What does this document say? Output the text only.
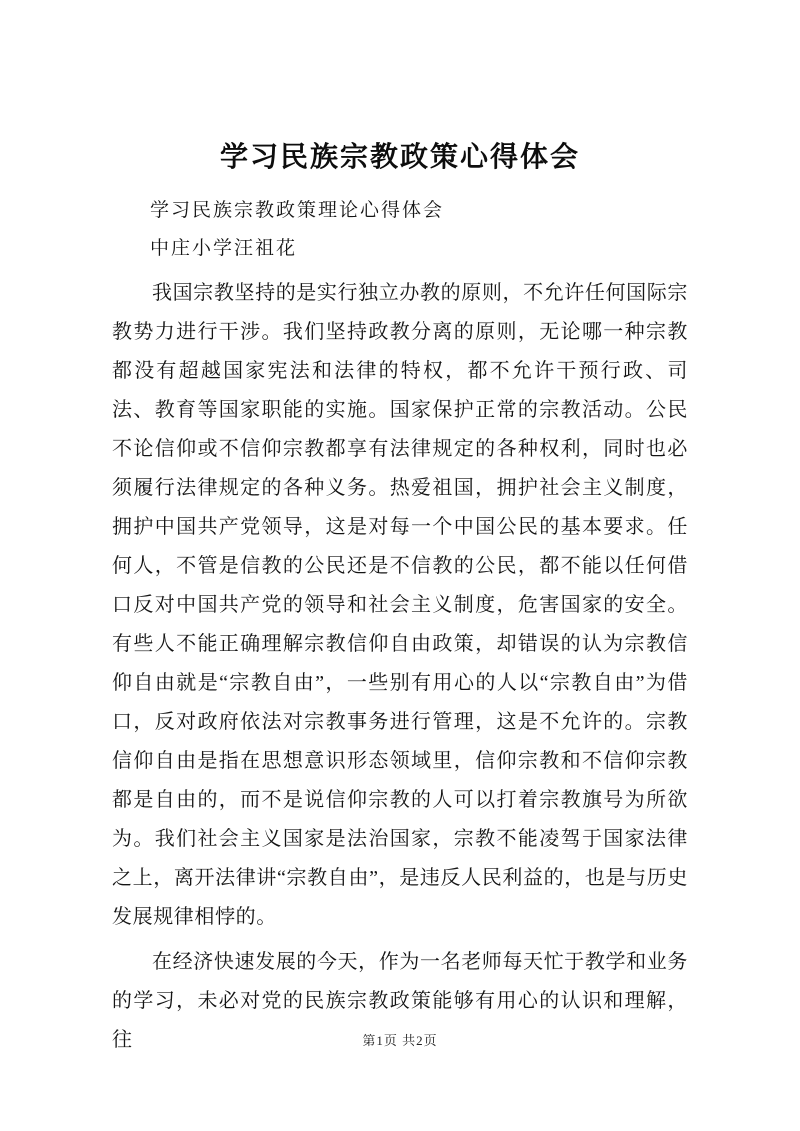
学习民族宗教政策心得体会

学习民族宗教政策理论心得体会

中庄小学汪祖花

我国宗教坚持的是实行独立办教的原则，不允许任何国际宗教势力进行干涉。我们坚持政教分离的原则，无论哪一种宗教都没有超越国家宪法和法律的特权，都不允许干预行政、司法、教育等国家职能的实施。国家保护正常的宗教活动。公民不论信仰或不信仰宗教都享有法律规定的各种权利，同时也必须履行法律规定的各种义务。热爱祖国，拥护社会主义制度，拥护中国共产党领导，这是对每一个中国公民的基本要求。任何人，不管是信教的公民还是不信教的公民，都不能以任何借口反对中国共产党的领导和社会主义制度，危害国家的安全。有些人不能正确理解宗教信仰自由政策，却错误的认为宗教信仰自由就是“宗教自由”，一些别有用心的人以“宗教自由”为借口，反对政府依法对宗教事务进行管理，这是不允许的。宗教信仰自由是指在思想意识形态领域里，信仰宗教和不信仰宗教都是自由的，而不是说信仰宗教的人可以打着宗教旗号为所欲为。我们社会主义国家是法治国家，宗教不能凌驾于国家法律之上，离开法律讲“宗教自由”，是违反人民利益的，也是与历史发展规律相悖的。

在经济快速发展的今天，作为一名老师每天忙于教学和业务的学习，未必对党的民族宗教政策能够有用心的认识和理解，往	第1页 共2页
